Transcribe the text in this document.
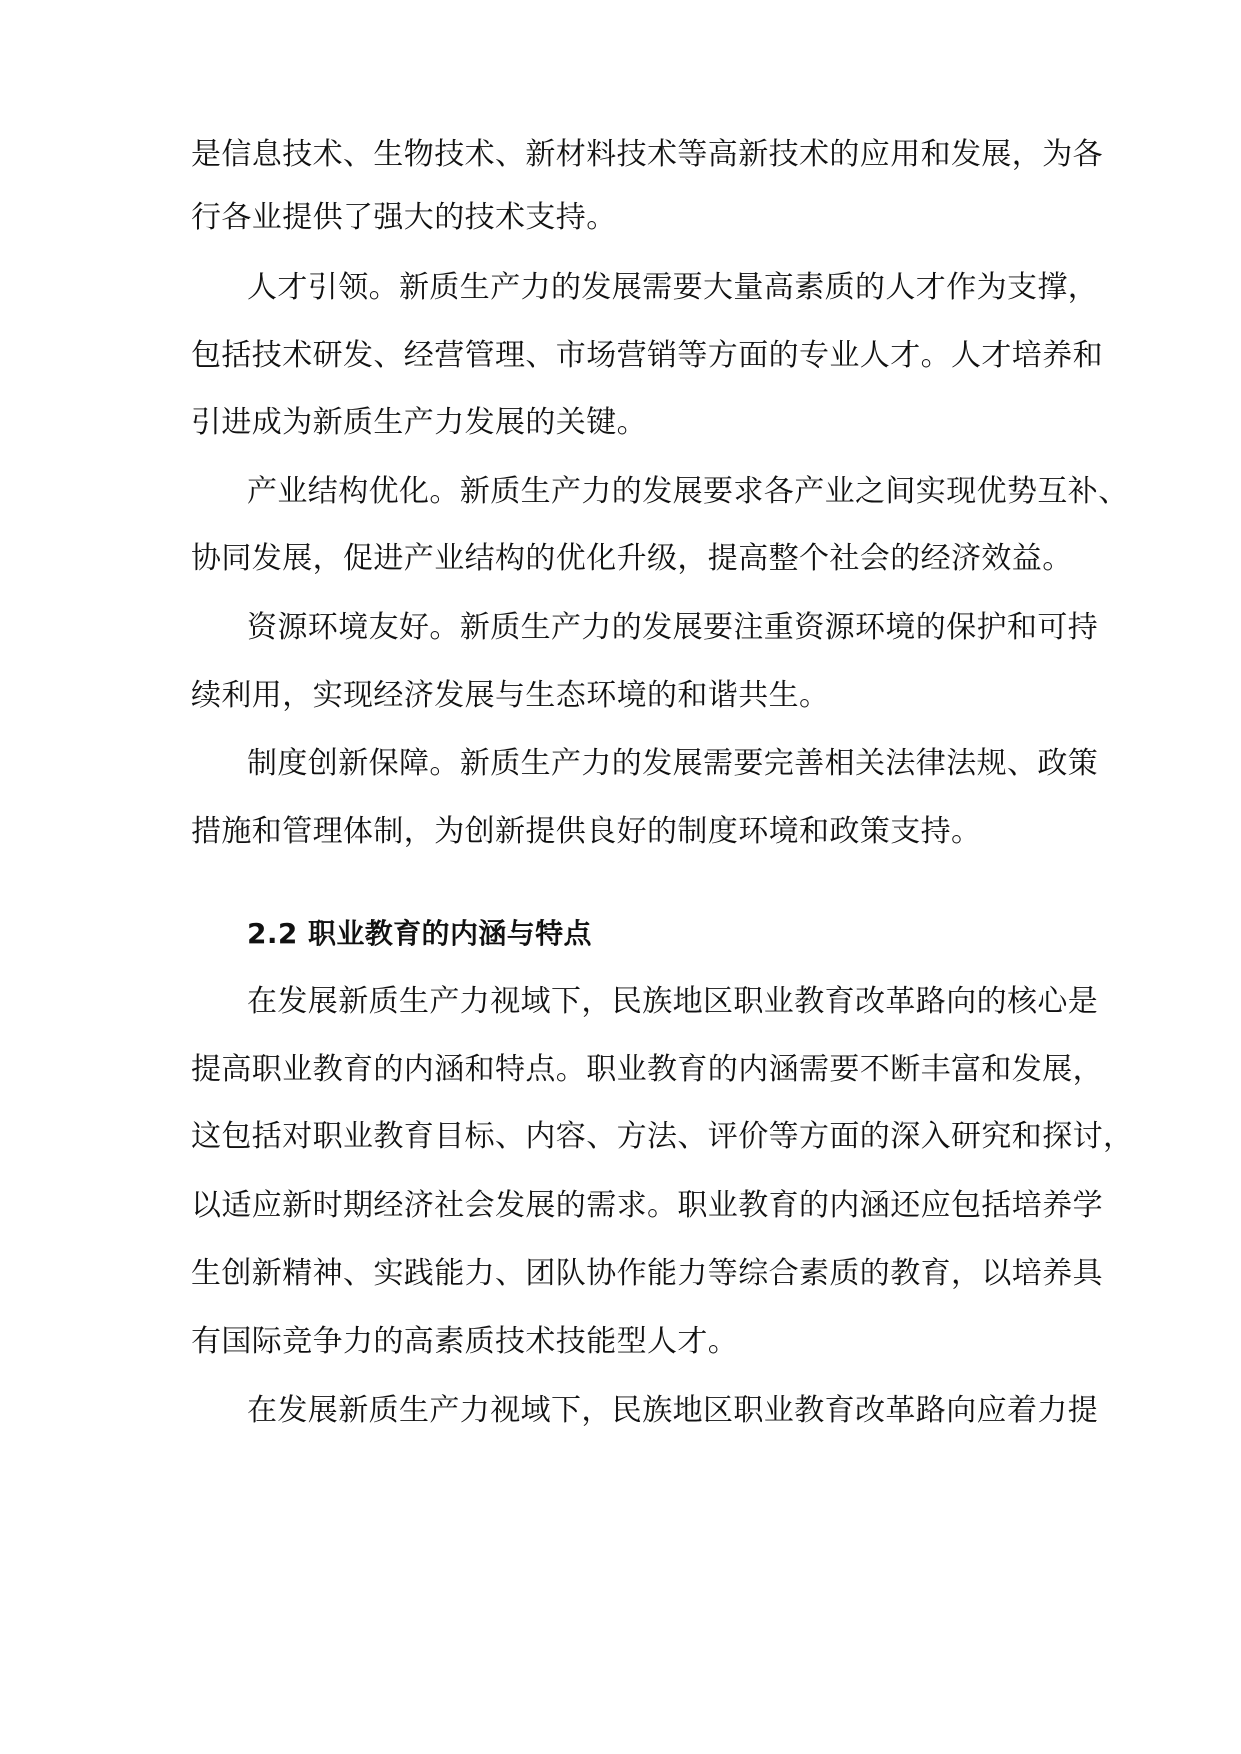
是信息技术、生物技术、新材料技术等高新技术的应用和发展，为各
行各业提供了强大的技术支持。
人才引领。新质生产力的发展需要大量高素质的人才作为支撑，
包括技术研发、经营管理、市场营销等方面的专业人才。人才培养和
引进成为新质生产力发展的关键。
产业结构优化。新质生产力的发展要求各产业之间实现优势互补、
协同发展，促进产业结构的优化升级，提高整个社会的经济效益。
资源环境友好。新质生产力的发展要注重资源环境的保护和可持
续利用，实现经济发展与生态环境的和谐共生。
制度创新保障。新质生产力的发展需要完善相关法律法规、政策
措施和管理体制，为创新提供良好的制度环境和政策支持。
2.2 职业教育的内涵与特点
在发展新质生产力视域下，民族地区职业教育改革路向的核心是
提高职业教育的内涵和特点。职业教育的内涵需要不断丰富和发展，
这包括对职业教育目标、内容、方法、评价等方面的深入研究和探讨，
以适应新时期经济社会发展的需求。职业教育的内涵还应包括培养学
生创新精神、实践能力、团队协作能力等综合素质的教育，以培养具
有国际竞争力的高素质技术技能型人才。
在发展新质生产力视域下，民族地区职业教育改革路向应着力提
